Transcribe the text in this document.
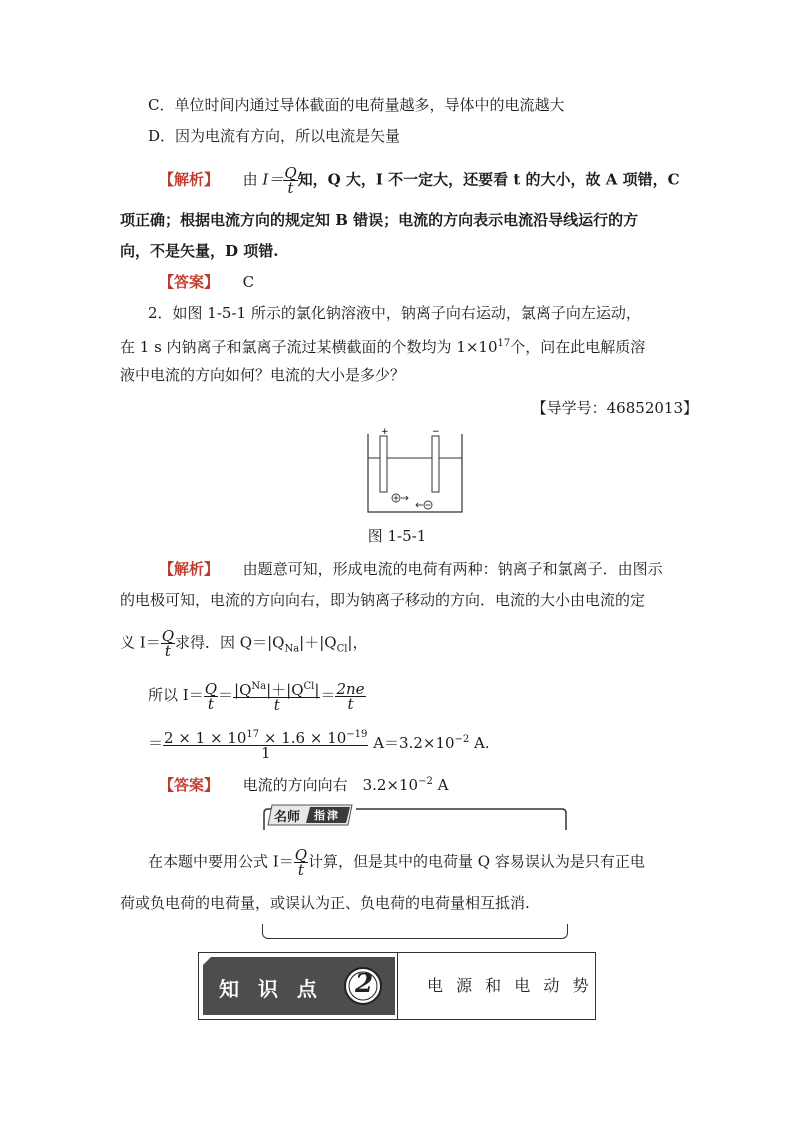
C．单位时间内通过导体截面的电荷量越多，导体中的电流越大
D．因为电流有方向，所以电流是矢量
【解析】 由 $I= \frac{Q}{t}$ 知，Q 大，I 不一定大，还要看 t 的大小，故 A 项错，C
项正确；根据电流方向的规定知 B 错误；电流的方向表示电流沿导线运行的方
向，不是矢量，D 项错.
【答案】 C
2．如图 1-5-1 所示的氯化钠溶液中，钠离子向右运动，氯离子向左运动，
在 1 s 内钠离子和氯离子流过某横截面的个数均为 $1\times 10^{17}$个，问在此电解质溶
液中电流的方向如何？电流的大小是多少？
【导学号：46852013】
+	−
图 1-5-1
【解析】 由题意可知，形成电流的电荷有两种：钠离子和氯离子．由图示
的电极可知，电流的方向向右，即为钠离子移动的方向．电流的大小由电流的定
义 $I= \frac{Q}{t}$ 求得．因 $Q=|Q_{Na}|+|Q_{Cl}|$，
所以 $I= \frac{Q}{t} = \frac{|Q^{Na}|+|Q^{Cl}|}{t} = \frac{2ne}{t}$
＝ $\frac{2 \times 1 \times 10^{17} \times 1.6 \times 10^{-19}}{1} A=3.2\times 10^{-2}$ A.
【答案】 电流的方向向右　$3.2\times 10^{-2}$ A
名师 指津
在本题中要用公式 $I= \frac{Q}{t}$ 计算，但是其中的电荷量 Q 容易误认为是只有正电
荷或负电荷的电荷量，或误认为正、负电荷的电荷量相互抵消.
知 识 点 2	电 源 和 电 动 势
